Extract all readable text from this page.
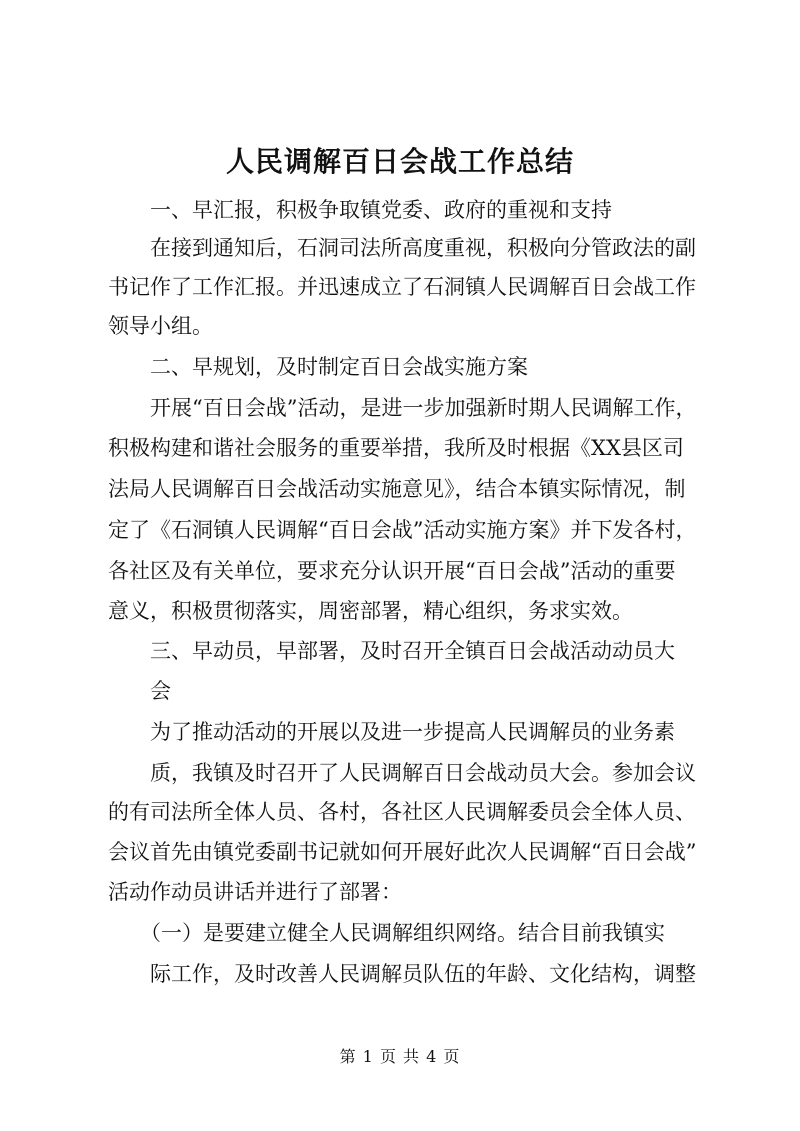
人民调解百日会战工作总结
一、早汇报，积极争取镇党委、政府的重视和支持
在接到通知后，石洞司法所高度重视，积极向分管政法的副
书记作了工作汇报。并迅速成立了石洞镇人民调解百日会战工作
领导小组。
二、早规划，及时制定百日会战实施方案
开展“百日会战”活动，是进一步加强新时期人民调解工作，
积极构建和谐社会服务的重要举措，我所及时根据《XX县区司
法局人民调解百日会战活动实施意见》，结合本镇实际情况，制
定了《石洞镇人民调解“百日会战”活动实施方案》并下发各村，
各社区及有关单位，要求充分认识开展“百日会战”活动的重要
意义，积极贯彻落实，周密部署，精心组织，务求实效。
三、早动员，早部署，及时召开全镇百日会战活动动员大
会
为了推动活动的开展以及进一步提高人民调解员的业务素
质，我镇及时召开了人民调解百日会战动员大会。参加会议
的有司法所全体人员、各村，各社区人民调解委员会全体人员、
会议首先由镇党委副书记就如何开展好此次人民调解“百日会战”
活动作动员讲话并进行了部署：
（一）是要建立健全人民调解组织网络。结合目前我镇实
际工作，及时改善人民调解员队伍的年龄、文化结构，调整
第 1 页 共 4 页
